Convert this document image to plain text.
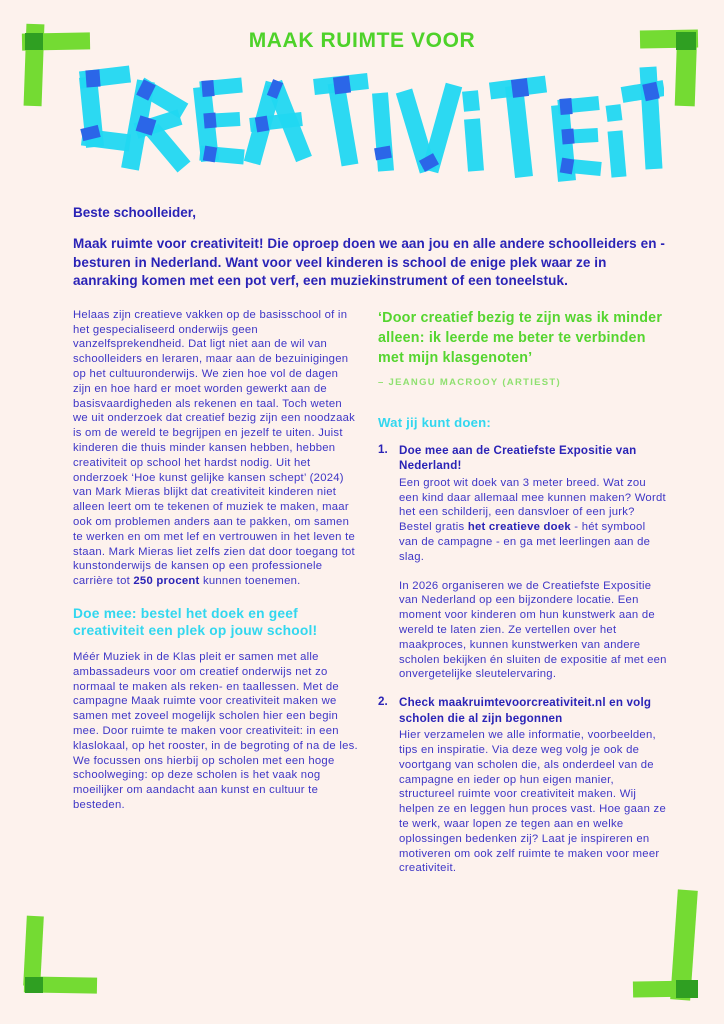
MAAK RUIMTE VOOR

Beste schoolleider,

Maak ruimte voor creativiteit! Die oproep doen we aan jou en alle andere schoolleiders en -besturen in Nederland. Want voor veel kinderen is school de enige plek waar ze in aanraking komen met een pot verf, een muziekinstrument of een toneelstuk.

Helaas zijn creatieve vakken op de basisschool of in het gespecialiseerd onderwijs geen vanzelfsprekendheid. Dat ligt niet aan de wil van schoolleiders en leraren, maar aan de bezuinigingen op het cultuuronderwijs. We zien hoe vol de dagen zijn en hoe hard er moet worden gewerkt aan de basisvaardigheden als rekenen en taal. Toch weten we uit onderzoek dat creatief bezig zijn een noodzaak is om de wereld te begrijpen en jezelf te uiten. Juist kinderen die thuis minder kansen hebben, hebben creativiteit op school het hardst nodig. Uit het onderzoek ‘Hoe kunst gelijke kansen schept’ (2024) van Mark Mieras blijkt dat creativiteit kinderen niet alleen leert om te tekenen of muziek te maken, maar ook om problemen anders aan te pakken, om samen te werken en om met lef en vertrouwen in het leven te staan. Mark Mieras liet zelfs zien dat door toegang tot kunstonderwijs de kansen op een professionele carrière tot 250 procent kunnen toenemen.

Doe mee: bestel het doek en geef creativiteit een plek op jouw school!

Méér Muziek in de Klas pleit er samen met alle ambassadeurs voor om creatief onderwijs net zo normaal te maken als reken- en taallessen. Met de campagne Maak ruimte voor creativiteit maken we samen met zoveel mogelijk scholen hier een begin mee. Door ruimte te maken voor creativiteit: in een klaslokaal, op het rooster, in de begroting of na de les. We focussen ons hierbij op scholen met een hoge schoolweging: op deze scholen is het vaak nog moeilijker om aandacht aan kunst en cultuur te besteden.

‘Door creatief bezig te zijn was ik minder alleen: ik leerde me beter te verbinden met mijn klasgenoten’

– JEANGU MACROOY (ARTIEST)

Wat jij kunt doen:
1. Doe mee aan de Creatiefste Expositie van Nederland!

Een groot wit doek van 3 meter breed. Wat zou een kind daar allemaal mee kunnen maken? Wordt het een schilderij, een dansvloer of een jurk? Bestel gratis het creatieve doek - hét symbool van de campagne - en ga met leerlingen aan de slag.

In 2026 organiseren we de Creatiefste Expositie van Nederland op een bijzondere locatie. Een moment voor kinderen om hun kunstwerk aan de wereld te laten zien. Ze vertellen over het maakproces, kunnen kunstwerken van andere scholen bekijken én sluiten de expositie af met een onvergetelijke sleutelervaring.

2. Check maakruimtevoorcreativiteit.nl en volg scholen die al zijn begonnen

Hier verzamelen we alle informatie, voorbeelden, tips en inspiratie. Via deze weg volg je ook de voortgang van scholen die, als onderdeel van de campagne en ieder op hun eigen manier, structureel ruimte voor creativiteit maken. Wij helpen ze en leggen hun proces vast. Hoe gaan ze te werk, waar lopen ze tegen aan en welke oplossingen bedenken zij? Laat je inspireren en motiveren om ook zelf ruimte te maken voor meer creativiteit.
